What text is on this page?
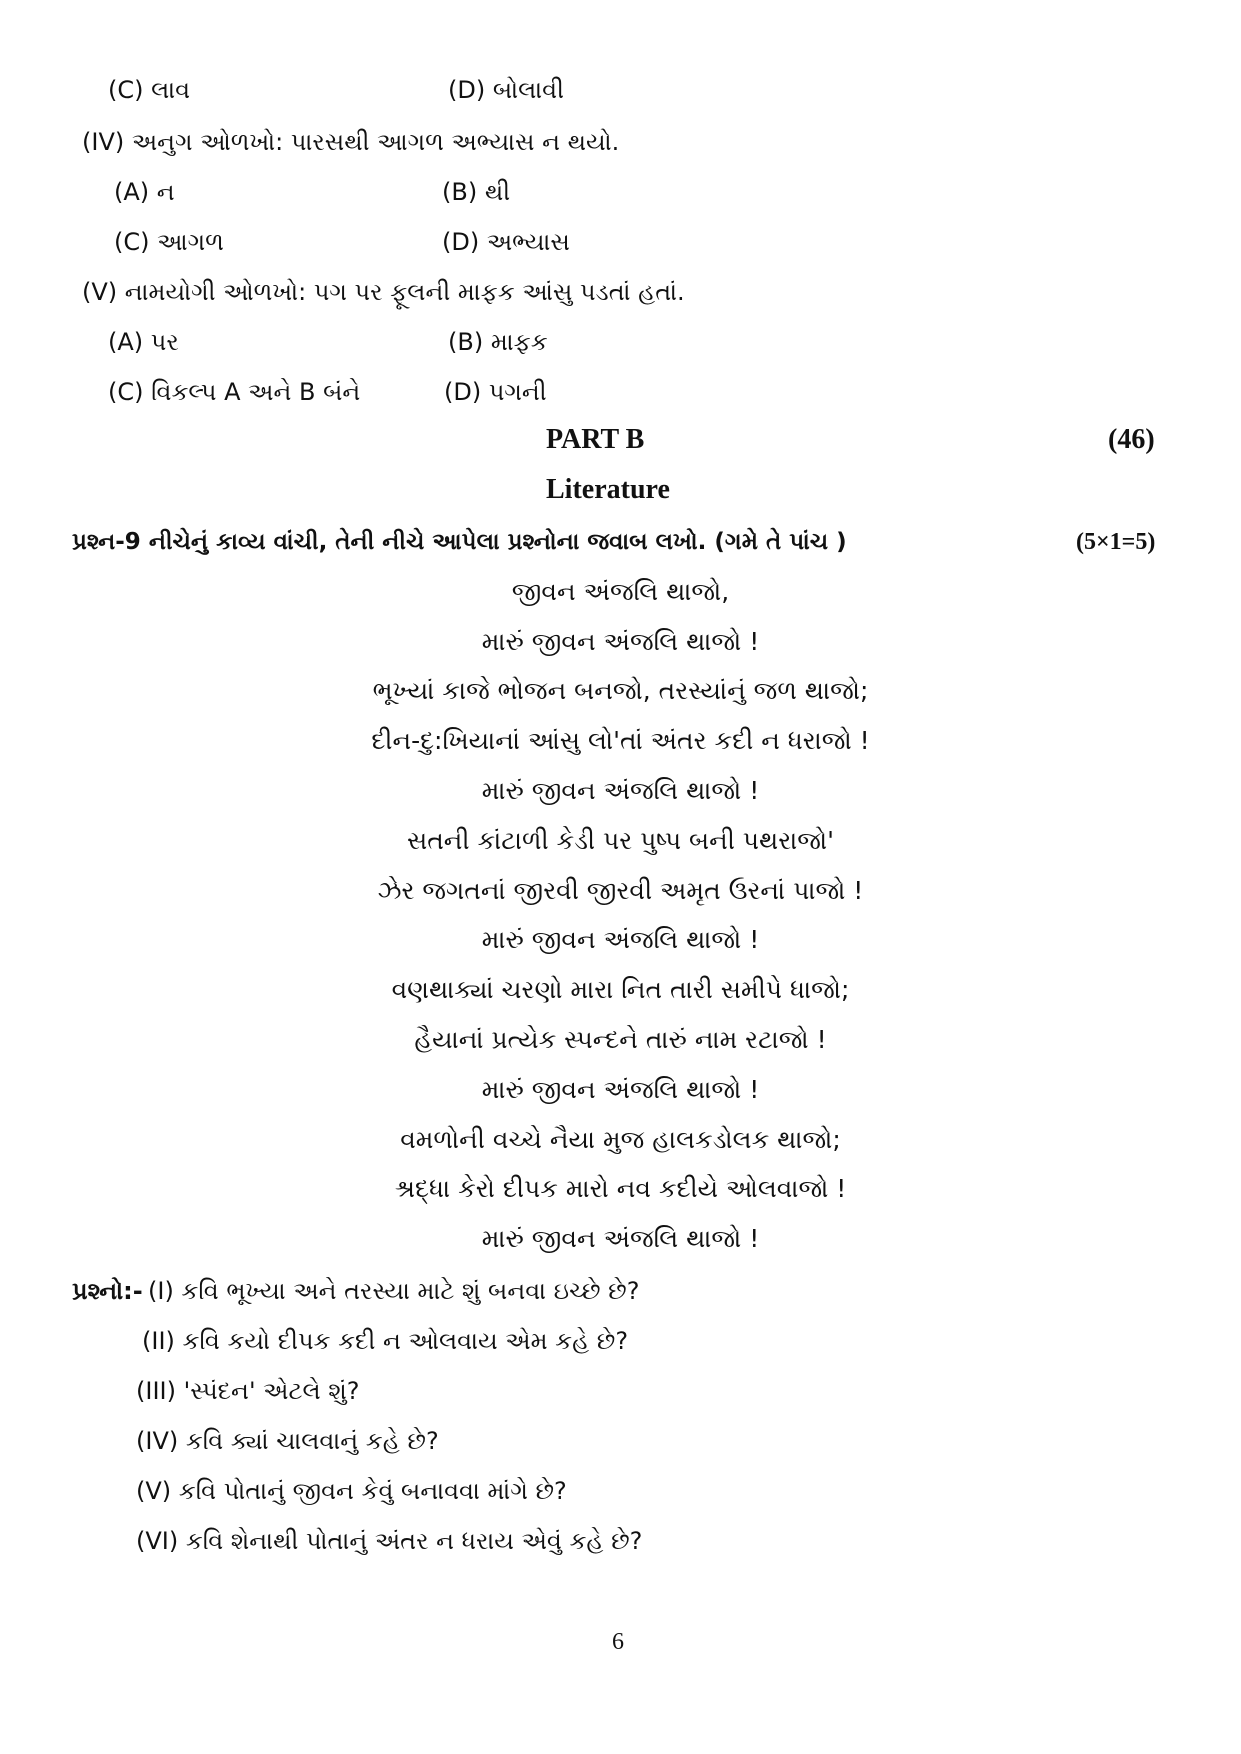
(C) લાવ	(D) બોલાવી
(IV) અનુગ ઓળખો: પારસથી આગળ અભ્યાસ ન થયો.
(A) ન	(B) થી
(C) આગળ	(D) અભ્યાસ
(V) નામયોગી ઓળખો: પગ પર ફૂલની માફક આંસુ પડતાં હતાં.
(A) પર	(B) માફક
(C) વિકલ્પ A અને B બંને	(D) પગની
PART B	(46)
Literature
પ્રશ્ન-9 નીચેનું કાવ્ય વાંચી, તેની નીચે આપેલા પ્રશ્નોના જવાબ લખો. (ગમે તે પાંચ )	(5×1=5)
જીવન અંજલિ થાજો,
મારું જીવન અંજલિ થાજો !
ભૂખ્યાં કાજે ભોજન બનજો, તરસ્યાંનું જળ થાજો;
દીન-દુ:ખિયાનાં આંસુ લો'તાં અંતર કદી ન ધરાજો !
મારું જીવન અંજલિ થાજો !
સતની કાંટાળી કેડી પર પુષ્પ બની પથરાજો'
ઝેર જગતનાં જીરવી જીરવી અમૃત ઉરનાં પાજો !
મારું જીવન અંજલિ થાજો !
વણથાક્યાં ચરણો મારા નિત તારી સમીપે ધાજો;
હૈયાનાં પ્રત્યેક સ્પન્દને તારું નામ રટાજો !
મારું જીવન અંજલિ થાજો !
વમળોની વચ્ચે નૈયા મુજ હાલકડોલક થાજો;
શ્રદ્ધા કેરો દીપક મારો નવ કદીયે ઓલવાજો !
મારું જીવન અંજલિ થાજો !
પ્રશ્નો:- (I) કવિ ભૂખ્યા અને તરસ્યા માટે શું બનવા ઇચ્છે છે?
(II) કવિ કયો દીપક કદી ન ઓલવાય એમ કહે છે?
(III) 'સ્પંદન' એટલે શું?
(IV) કવિ ક્યાં ચાલવાનું કહે છે?
(V) કવિ પોતાનું જીવન કેવું બનાવવા માંગે છે?
(VI) કવિ શેનાથી પોતાનું અંતર ન ધરાય એવું કહે છે?
6
